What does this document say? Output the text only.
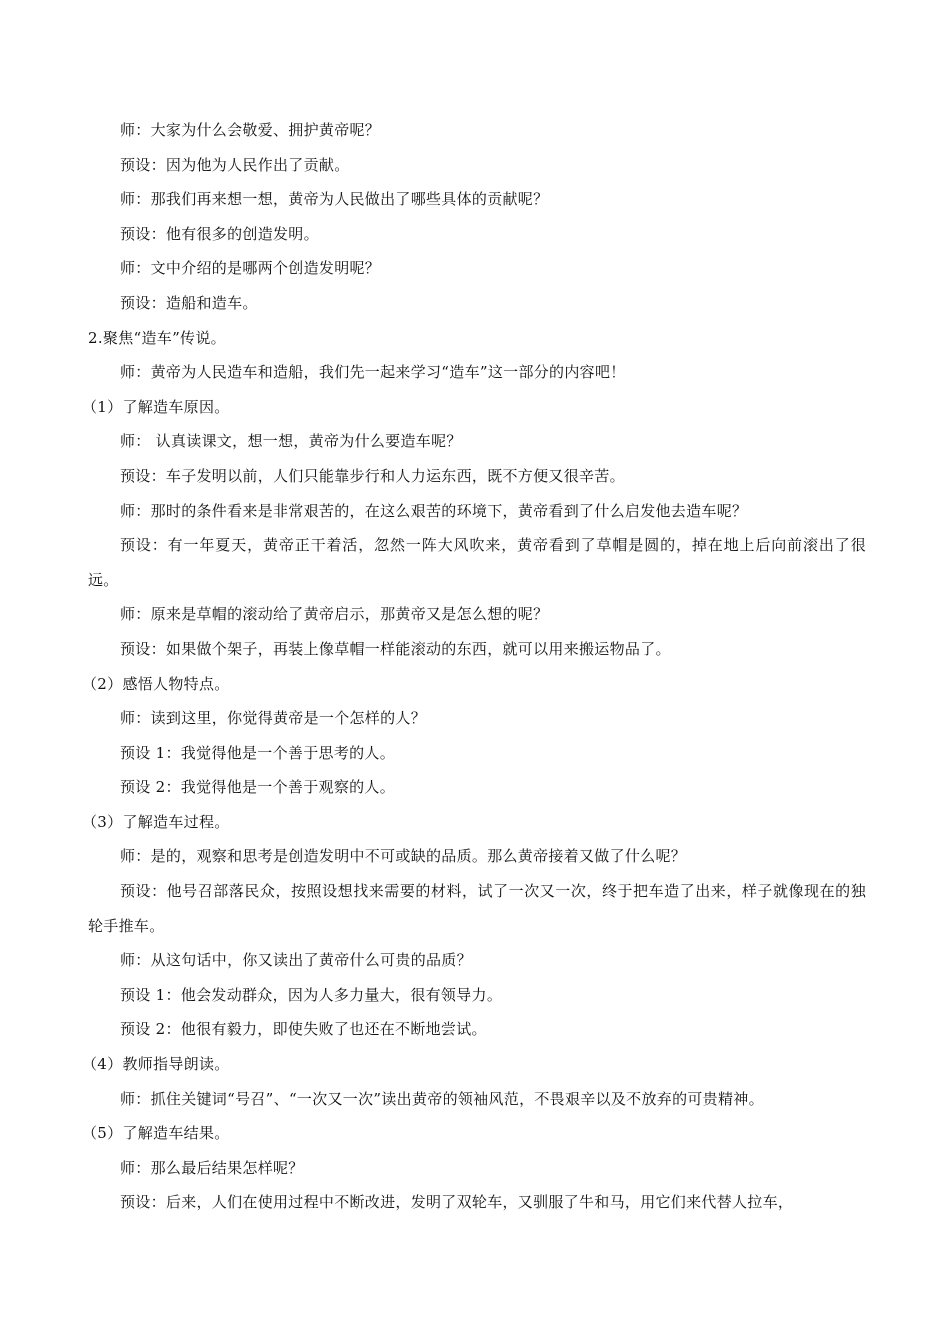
师：大家为什么会敬爱、拥护黄帝呢？
预设：因为他为人民作出了贡献。
师：那我们再来想一想，黄帝为人民做出了哪些具体的贡献呢？
预设：他有很多的创造发明。
师：文中介绍的是哪两个创造发明呢？
预设：造船和造车。
2.聚焦“造车”传说。
师：黄帝为人民造车和造船，我们先一起来学习“造车”这一部分的内容吧！
（1）了解造车原因。
师： 认真读课文，想一想，黄帝为什么要造车呢？
预设：车子发明以前，人们只能靠步行和人力运东西，既不方便又很辛苦。
师：那时的条件看来是非常艰苦的，在这么艰苦的环境下，黄帝看到了什么启发他去造车呢？
预设：有一年夏天，黄帝正干着活，忽然一阵大风吹来，黄帝看到了草帽是圆的，掉在地上后向前滚出了很远。
师：原来是草帽的滚动给了黄帝启示，那黄帝又是怎么想的呢？
预设：如果做个架子，再装上像草帽一样能滚动的东西，就可以用来搬运物品了。
（2）感悟人物特点。
师：读到这里，你觉得黄帝是一个怎样的人？
预设 1：我觉得他是一个善于思考的人。
预设 2：我觉得他是一个善于观察的人。
（3）了解造车过程。
师：是的，观察和思考是创造发明中不可或缺的品质。那么黄帝接着又做了什么呢？
预设：他号召部落民众，按照设想找来需要的材料，试了一次又一次，终于把车造了出来，样子就像现在的独轮手推车。
师：从这句话中，你又读出了黄帝什么可贵的品质？
预设 1：他会发动群众，因为人多力量大，很有领导力。
预设 2：他很有毅力，即使失败了也还在不断地尝试。
（4）教师指导朗读。
师：抓住关键词“号召”、“一次又一次”读出黄帝的领袖风范，不畏艰辛以及不放弃的可贵精神。
（5）了解造车结果。
师：那么最后结果怎样呢？
预设：后来，人们在使用过程中不断改进，发明了双轮车，又驯服了牛和马，用它们来代替人拉车，
